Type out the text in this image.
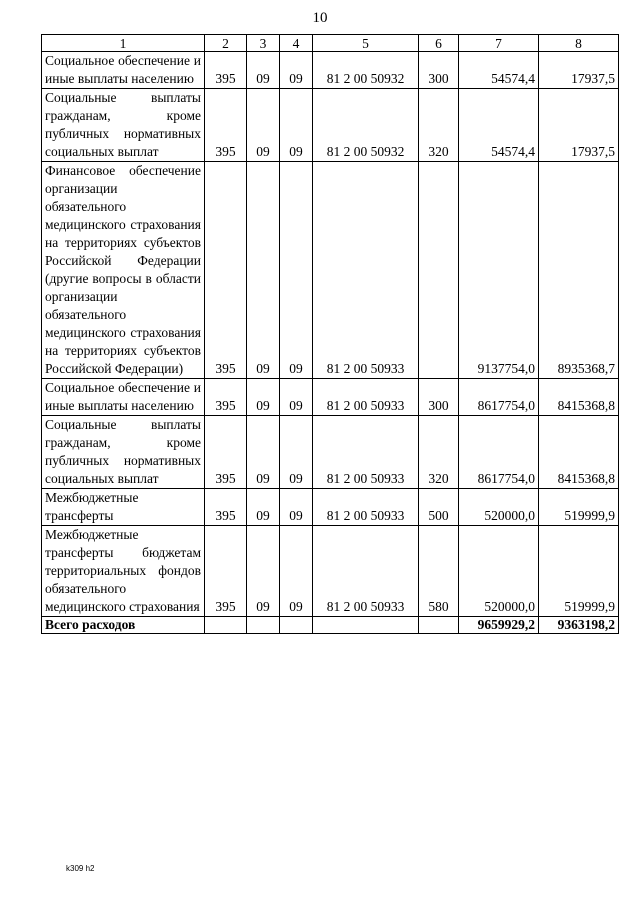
10
1	2	3	4	5	6	7	8
Социальное обеспечение и иные выплаты населению	395	09	09	81 2 00 50932	300	54574,4	17937,5
Социальные выплаты гражданам, кроме публичных нормативных социальных выплат	395	09	09	81 2 00 50932	320	54574,4	17937,5
Финансовое обеспечение организации обязательного медицинского страхования на территориях субъектов Российской Федерации (другие вопросы в области организации обязательного медицинского страхования на территориях субъектов Российской Федерации)	395	09	09	81 2 00 50933		9137754,0	8935368,7
Социальное обеспечение и иные выплаты населению	395	09	09	81 2 00 50933	300	8617754,0	8415368,8
Социальные выплаты гражданам, кроме публичных нормативных социальных выплат	395	09	09	81 2 00 50933	320	8617754,0	8415368,8
Межбюджетные трансферты	395	09	09	81 2 00 50933	500	520000,0	519999,9
Межбюджетные трансферты бюджетам территориальных фондов обязательного медицинского страхования	395	09	09	81 2 00 50933	580	520000,0	519999,9
Всего расходов						9659929,2	9363198,2
k309 h2
